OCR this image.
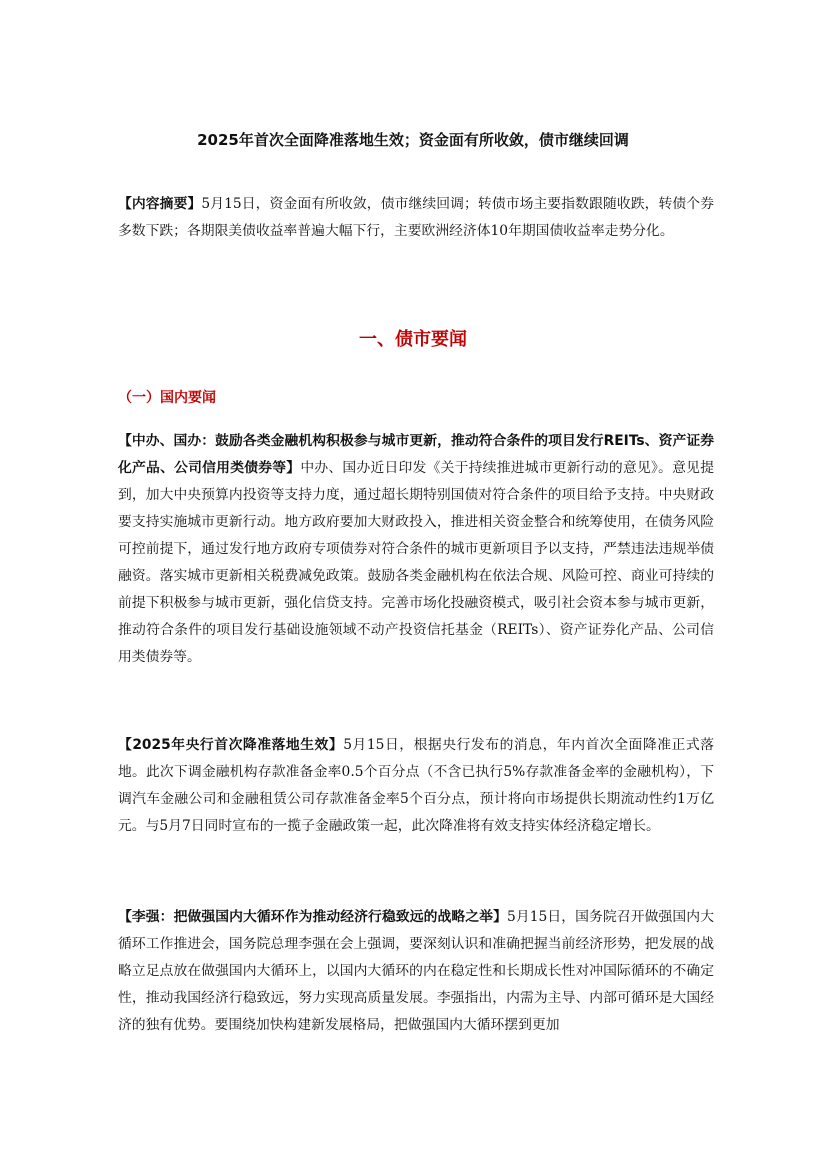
2025年首次全面降准落地生效；资金面有所收敛，债市继续回调

【内容摘要】5月15日，资金面有所收敛，债市继续回调；转债市场主要指数跟随收跌，转债个券多数下跌；各期限美债收益率普遍大幅下行，主要欧洲经济体10年期国债收益率走势分化。

一、债市要闻
（一）国内要闻

【中办、国办：鼓励各类金融机构积极参与城市更新，推动符合条件的项目发行REITs、资产证券化产品、公司信用类债券等】中办、国办近日印发《关于持续推进城市更新行动的意见》。意见提到，加大中央预算内投资等支持力度，通过超长期特别国债对符合条件的项目给予支持。中央财政要支持实施城市更新行动。地方政府要加大财政投入，推进相关资金整合和统筹使用，在债务风险可控前提下，通过发行地方政府专项债券对符合条件的城市更新项目予以支持，严禁违法违规举债融资。落实城市更新相关税费减免政策。鼓励各类金融机构在依法合规、风险可控、商业可持续的前提下积极参与城市更新，强化信贷支持。完善市场化投融资模式，吸引社会资本参与城市更新，推动符合条件的项目发行基础设施领域不动产投资信托基金（REITs）、资产证券化产品、公司信用类债券等。

【2025年央行首次降准落地生效】5月15日，根据央行发布的消息，年内首次全面降准正式落地。此次下调金融机构存款准备金率0.5个百分点（不含已执行5%存款准备金率的金融机构），下调汽车金融公司和金融租赁公司存款准备金率5个百分点，预计将向市场提供长期流动性约1万亿元。与5月7日同时宣布的一揽子金融政策一起，此次降准将有效支持实体经济稳定增长。

【李强：把做强国内大循环作为推动经济行稳致远的战略之举】5月15日，国务院召开做强国内大循环工作推进会，国务院总理李强在会上强调，要深刻认识和准确把握当前经济形势，把发展的战略立足点放在做强国内大循环上，以国内大循环的内在稳定性和长期成长性对冲国际循环的不确定性，推动我国经济行稳致远，努力实现高质量发展。李强指出，内需为主导、内部可循环是大国经济的独有优势。要围绕加快构建新发展格局，把做强国内大循环摆到更加
